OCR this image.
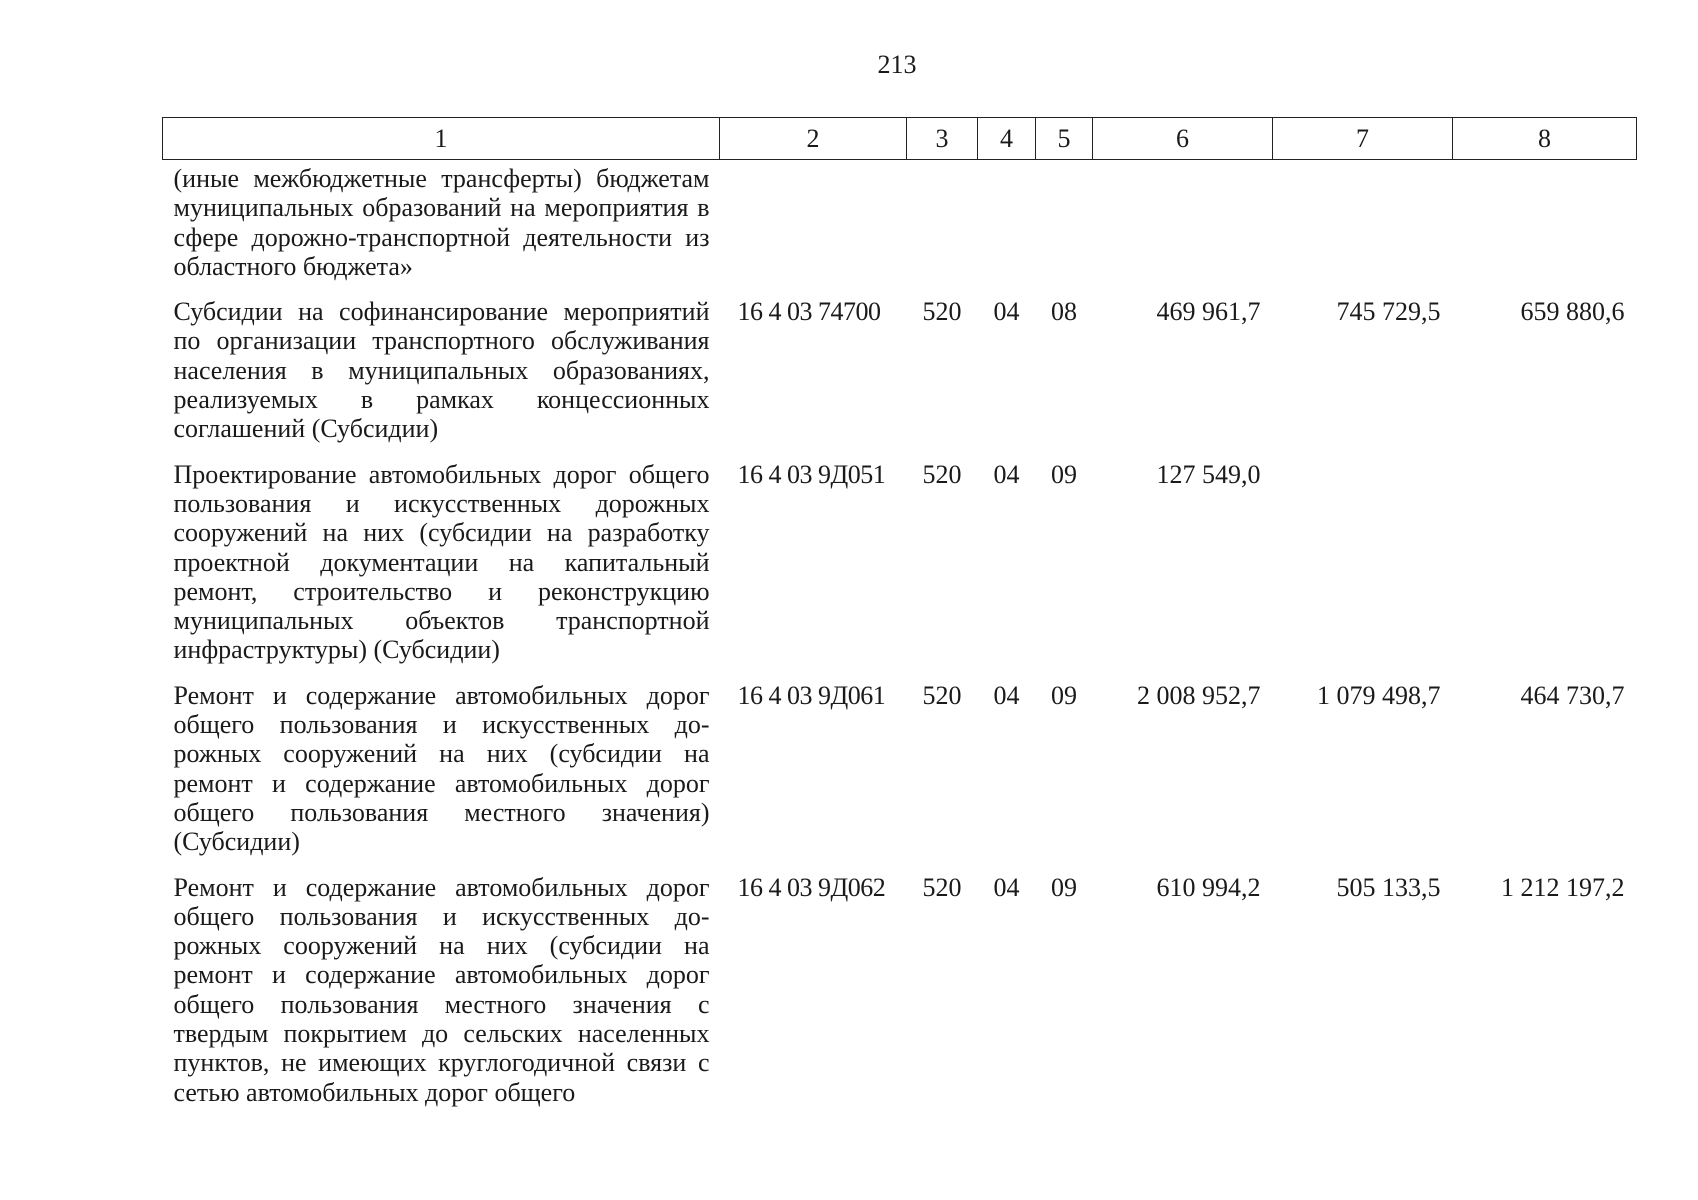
213
1	2	3	4	5	6	7	8
(иные межбюджетные трансферты) бюджетам муниципальных образований на мероприятия в сфере дорожно-транспортной деятельности из областного бюджета»							
Субсидии на софинансирование мероприятий по организации транспортного обслуживания населения в муниципальных образованиях, реализуемых в рамках концессионных соглашений (Субсидии)	16 4 03 74700	520	04	08	469 961,7	745 729,5	659 880,6
Проектирование автомобильных дорог общего пользования и искусственных дорожных сооружений на них (субсидии на разработку проектной документации на капитальный ремонт, строительство и реконструкцию муниципальных объектов транспортной инфраструктуры) (Субсидии)	16 4 03 9Д051	520	04	09	127 549,0		
Ремонт и содержание автомобильных дорог общего пользования и искусственных дорожных сооружений на них (субсидии на ремонт и содержание автомобильных дорог общего пользования местного значения) (Субсидии)	16 4 03 9Д061	520	04	09	2 008 952,7	1 079 498,7	464 730,7
Ремонт и содержание автомобильных дорог общего пользования и искусственных дорожных сооружений на них (субсидии на ремонт и содержание автомобильных дорог общего пользования местного значения с твердым покрытием до сельских населенных пунктов, не имеющих круглогодичной связи с сетью автомобильных дорог общего	16 4 03 9Д062	520	04	09	610 994,2	505 133,5	1 212 197,2
